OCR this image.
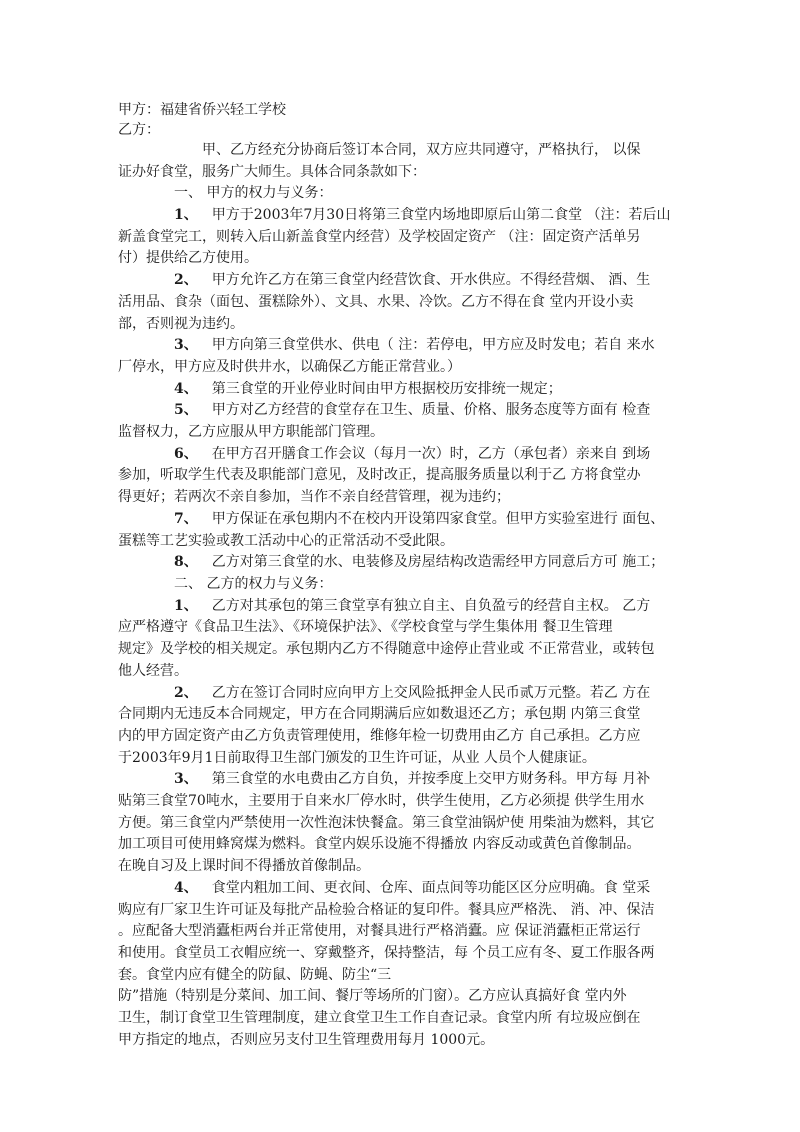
甲方：福建省侨兴轻工学校
乙方：
甲、乙方经充分协商后签订本合同，双方应共同遵守，严格执行， 以保
证办好食堂，服务广大师生。具体合同条款如下：
一、 甲方的权力与义务：
1、 甲方于2003年7月30日将第三食堂内场地即原后山第二食堂 （注：若后山
新盖食堂完工，则转入后山新盖食堂内经营）及学校固定资产 （注：固定资产活单另
付）提供给乙方使用。
2、 甲方允许乙方在第三食堂内经营饮食、开水供应。不得经营烟、 酒、生
活用品、食杂（面包、蛋糕除外）、文具、水果、冷饮。乙方不得在食 堂内开设小卖
部，否则视为违约。
3、 甲方向第三食堂供水、供电（ 注：若停电，甲方应及时发电；若自 来水
厂停水，甲方应及时供井水，以确保乙方能正常营业。）
4、 第三食堂的开业停业时间由甲方根据校历安排统一规定；
5、 甲方对乙方经营的食堂存在卫生、质量、价格、服务态度等方面有 检查
监督权力，乙方应服从甲方职能部门管理。
6、 在甲方召开膳食工作会议（每月一次）时，乙方（承包者）亲来自 到场
参加，听取学生代表及职能部门意见，及时改正，提高服务质量以利于乙 方将食堂办
得更好；若两次不亲自参加，当作不亲自经营管理，视为违约；
7、 甲方保证在承包期内不在校内开设第四家食堂。但甲方实验室进行 面包、
蛋糕等工艺实验或教工活动中心的正常活动不受此限。
8、 乙方对第三食堂的水、电装修及房屋结构改造需经甲方同意后方可 施工；
二、 乙方的权力与义务：
1、 乙方对其承包的第三食堂享有独立自主、自负盈亏的经营自主权。 乙方
应严格遵守《食品卫生法》、《环境保护法》、《学校食堂与学生集体用 餐卫生管理
规定》及学校的相关规定。承包期内乙方不得随意中途停止营业或 不正常营业，或转包
他人经营。
2、 乙方在签订合同时应向甲方上交风险抵押金人民币贰万元整。若乙 方在
合同期内无违反本合同规定，甲方在合同期满后应如数退还乙方；承包期 内第三食堂
内的甲方固定资产由乙方负责管理使用，维修年检一切费用由乙方 自己承担。乙方应
于2003年9月1日前取得卫生部门颁发的卫生许可证，从业 人员个人健康证。
3、 第三食堂的水电费由乙方自负，并按季度上交甲方财务科。甲方每 月补
贴第三食堂70吨水，主要用于自来水厂停水时，供学生使用，乙方必须提 供学生用水
方便。第三食堂内严禁使用一次性泡沫快餐盒。第三食堂油锅炉使 用柴油为燃料，其它
加工项目可使用蜂窝煤为燃料。食堂内娱乐设施不得播放 内容反动或黄色首像制品。
在晚自习及上课时间不得播放首像制品。
4、 食堂内粗加工间、更衣间、仓库、面点间等功能区区分应明确。食 堂采
购应有厂家卫生许可证及每批产品检验合格证的复印件。餐具应严格洗、 消、冲、保洁
。应配备大型消蠹柜两台并正常使用，对餐具进行严格消蠹。应 保证消蠹柜正常运行
和使用。食堂员工衣帽应统一、穿戴整齐，保持整洁，每 个员工应有冬、夏工作服各两
套。食堂内应有健全的防鼠、防蝇、防尘“三
防”措施（特别是分菜间、加工间、餐厅等场所的门窗）。乙方应认真搞好食 堂内外
卫生，制订食堂卫生管理制度，建立食堂卫生工作自查记录。食堂内所 有垃圾应倒在
甲方指定的地点，否则应另支付卫生管理费用每月 1000元。
